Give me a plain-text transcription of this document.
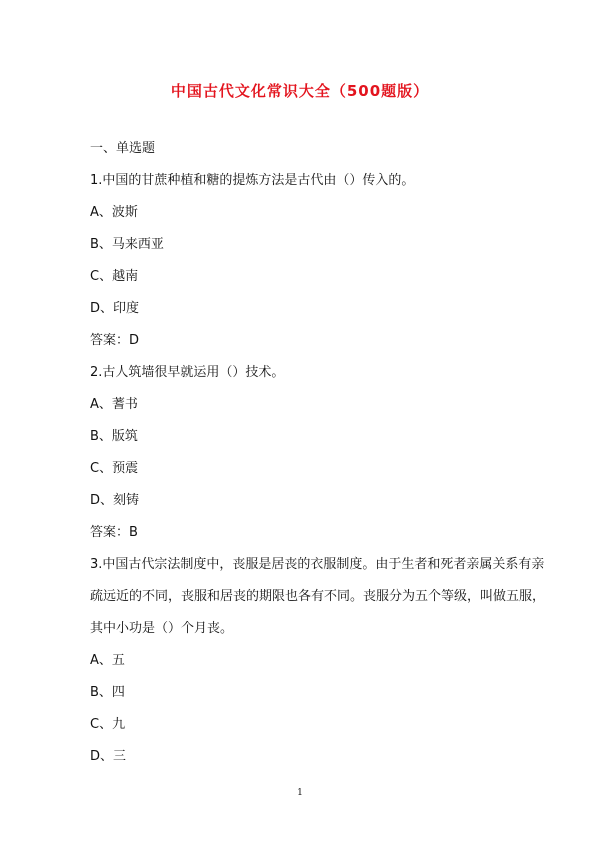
中国古代文化常识大全（500题版）
一、单选题
1.中国的甘蔗种植和糖的提炼方法是古代由（）传入的。
A、波斯
B、马来西亚
C、越南
D、印度
答案：D
2.古人筑墙很早就运用（）技术。
A、蓍书
B、版筑
C、预震
D、刻铸
答案：B
3.中国古代宗法制度中，丧服是居丧的衣服制度。由于生者和死者亲属关系有亲
疏远近的不同，丧服和居丧的期限也各有不同。丧服分为五个等级，叫做五服，
其中小功是（）个月丧。
A、五
B、四
C、九
D、三
1
